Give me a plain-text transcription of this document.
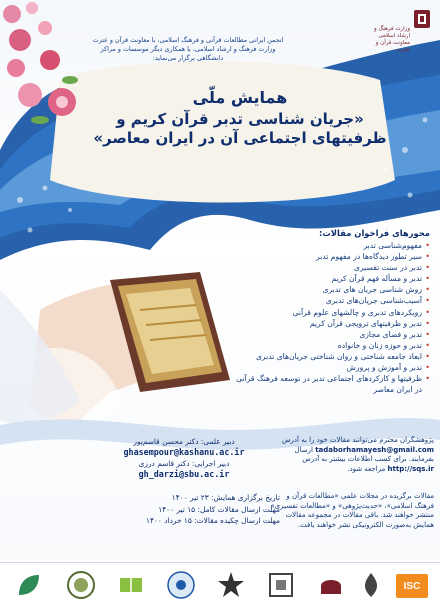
وزارت فرهنگ و ارشاد اسلامی
معاونت قرآن و عترت
انجمن ایرانی مطالعات قرآنی و فرهنگ اسلامی، با معاونت قرآن و عترت وزارت فرهنگ و ارشاد اسلامی، با همکاری دیگر موسسات و مراکز دانشگاهی برگزار می‌نماید:
همایش ملّی
«جریان شناسی تدبر قرآن کریم و ظرفیتهای اجتماعی آن در ایران معاصر»
محورهای فراخوان مقالات:
•
مفهوم‌شناسی تدبر
•
سیر تطور دیدگاه‌ها در مفهوم تدبر
•
تدبر در سنت تفسیری
•
تدبر و مسأله فهم قرآن کریم
•
روش شناسی جریان های تدبری
•
آسیب‌شناسی جریان‌های تدبری
•
رویکردهای تدبری و چالشهای علوم قرآنی
•
تدبر و ظرفیتهای ترویجی قرآن کریم
•
تدبر و فضای مجازی
•
تدبر و حوزه زنان و خانواده
•
ابعاد جامعه شناختی و روان شناختی جریان‌های تدبری
•
تدبر و آموزش و پرورش
•
ظرفیتها و کارکردهای اجتماعی تدبر در توسعه فرهنگ قرآنی در ایران معاصر
دبیر علمی: دکتر محسن قاسم‌پور
ghasempour@kashanu.ac.ir
دبیر اجرایی: دکتر قاسم درزی
gh_darzi@sbu.ac.ir
تاریخ برگزاری همایش: ۲۳ تیر ۱۴۰۰
مهلت ارسال مقالات کامل: ۱۵ تیر ۱۴۰۰
مهلت ارسال چکیده مقالات: ۱۵ خرداد ۱۴۰۰
پژوهشگران محترم می‌توانند مقالات خود را به آدرس tadaborhamayesh@gmail.com ارسال بفرمایند. برای کسب اطلاعات بیشتر به آدرس http://sqs.ir مراجعه شود.
مقالات برگزیده در مجلات علمی «مطالعات قرآن و فرهنگ اسلامی»، «حدیث‌پژوهی» و «مطالعات تفسیری» منتشر خواهند شد. باقی مقالات در مجموعه مقالات همایش به‌صورت الکترونیکی نشر خواهند یافت.
ISC
